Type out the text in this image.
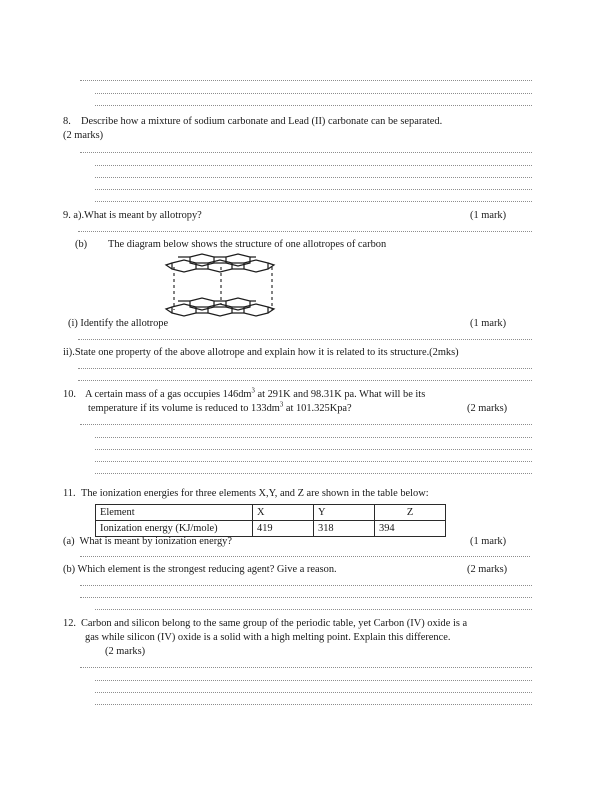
8. Describe how a mixture of sodium carbonate and Lead (II) carbonate can be separated.
(2 marks)
9. a).What is meant by allotropy?	(1 mark)
(b) The diagram below shows the structure of one allotropes of carbon
(i) Identify the allotrope	(1 mark)
ii).State one property of the above allotrope and explain how it is related to its structure.(2mks)
10. A certain mass of a gas occupies $146dm^3$ at 291K and 98.31K pa. What will be its
temperature if its volume is reduced to $133dm^3$ at 101.325Kpa?	(2 marks)
11. The ionization energies for three elements X,Y, and Z are shown in the table below:
Element	X	Y	Z
Ionization energy (KJ/mole)	419	318	394
(a)  What is meant by ionization energy?	(1 mark)
(b) Which element is the strongest reducing agent? Give a reason.	(2 marks)
12. Carbon and silicon belong to the same group of the periodic table, yet Carbon (IV) oxide is a
gas while silicon (IV) oxide is a solid with a high melting point. Explain this difference.
(2 marks)
